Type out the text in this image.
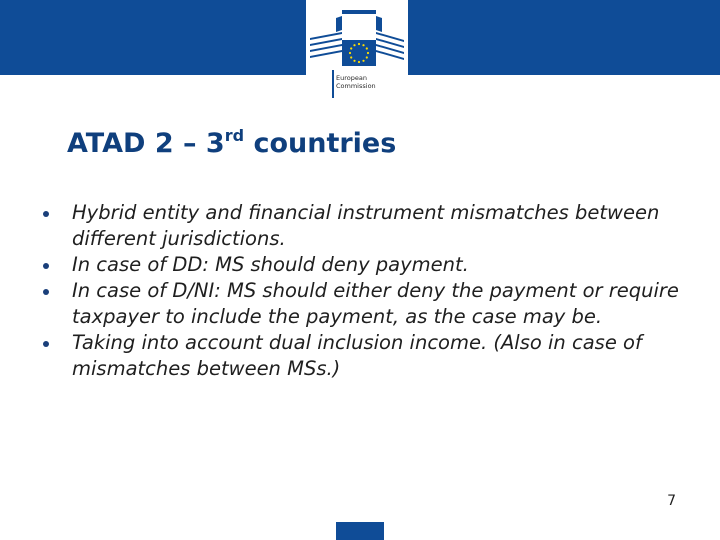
European
Commission
ATAD 2 – 3rd countries
Hybrid entity and financial instrument mismatches between different jurisdictions.
In case of DD: MS should deny payment.
In case of D/NI: MS should either deny the payment or require taxpayer to include the payment, as the case may be.
Taking into account dual inclusion income. (Also in case of mismatches between MSs.)
7
